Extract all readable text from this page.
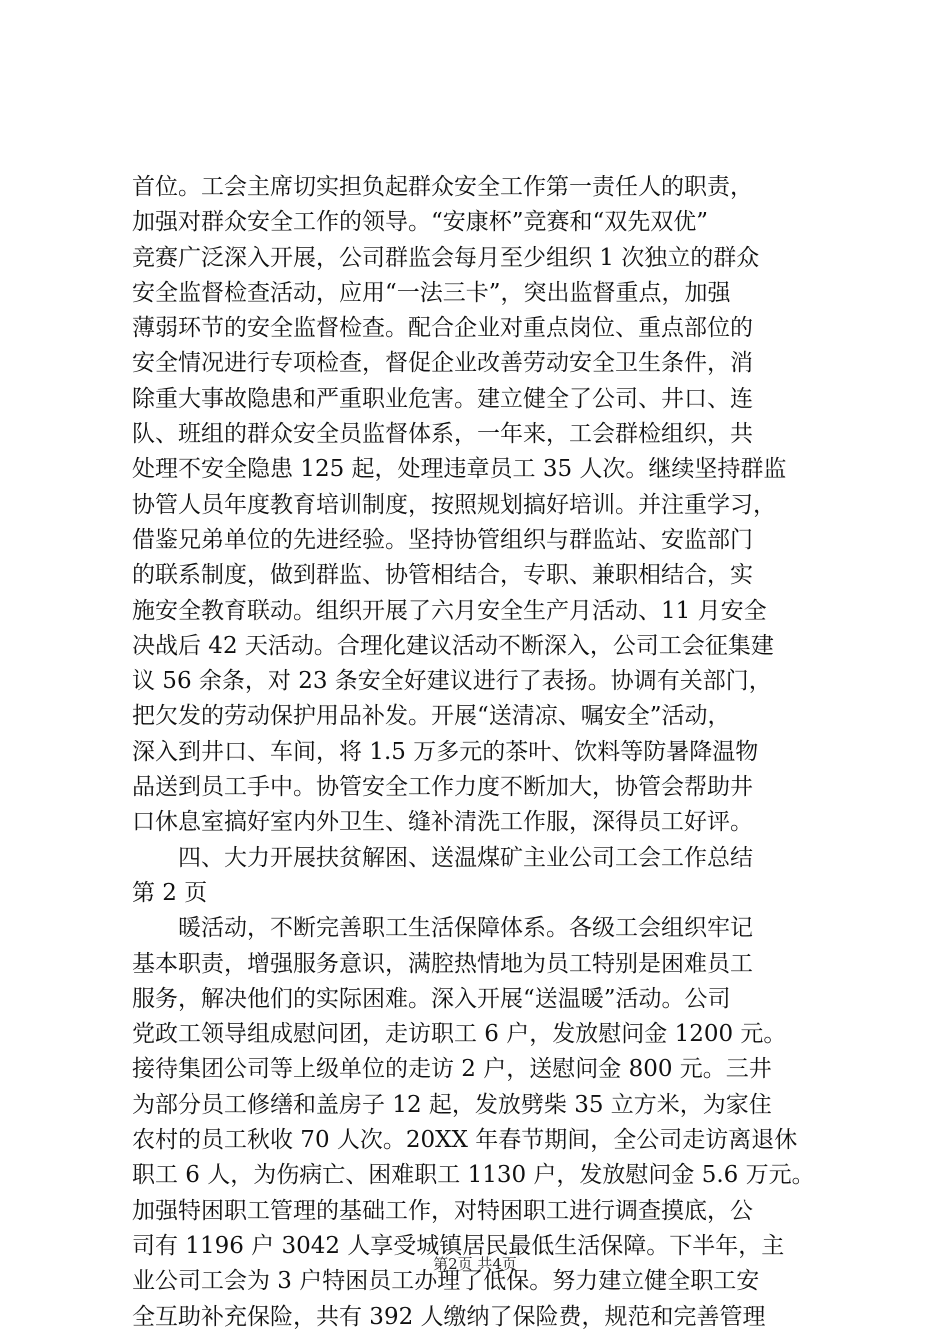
首位。工会主席切实担负起群众安全工作第一责任人的职责，
加强对群众安全工作的领导。“安康杯”竞赛和“双先双优”
竞赛广泛深入开展，公司群监会每月至少组织 1 次独立的群众
安全监督检查活动，应用“一法三卡”，突出监督重点，加强
薄弱环节的安全监督检查。配合企业对重点岗位、重点部位的
安全情况进行专项检查，督促企业改善劳动安全卫生条件，消
除重大事故隐患和严重职业危害。建立健全了公司、井口、连
队、班组的群众安全员监督体系，一年来，工会群检组织，共
处理不安全隐患 125 起，处理违章员工 35 人次。继续坚持群监
协管人员年度教育培训制度，按照规划搞好培训。并注重学习，
借鉴兄弟单位的先进经验。坚持协管组织与群监站、安监部门
的联系制度，做到群监、协管相结合，专职、兼职相结合，实
施安全教育联动。组织开展了六月安全生产月活动、11 月安全
决战后 42 天活动。合理化建议活动不断深入，公司工会征集建
议 56 余条，对 23 条安全好建议进行了表扬。协调有关部门，
把欠发的劳动保护用品补发。开展“送清凉、嘱安全”活动，
深入到井口、车间，将 1.5 万多元的茶叶、饮料等防暑降温物
品送到员工手中。协管安全工作力度不断加大，协管会帮助井
口休息室搞好室内外卫生、缝补清洗工作服，深得员工好评。
　　四、大力开展扶贫解困、送温煤矿主业公司工会工作总结
第 2 页
　　暖活动，不断完善职工生活保障体系。各级工会组织牢记
基本职责，增强服务意识，满腔热情地为员工特别是困难员工
服务，解决他们的实际困难。深入开展“送温暖”活动。公司
党政工领导组成慰问团，走访职工 6 户，发放慰问金 1200 元。
接待集团公司等上级单位的走访 2 户，送慰问金 800 元。三井
为部分员工修缮和盖房子 12 起，发放劈柴 35 立方米，为家住
农村的员工秋收 70 人次。20XX 年春节期间，全公司走访离退休
职工 6 人，为伤病亡、困难职工 1130 户，发放慰问金 5.6 万元。
加强特困职工管理的基础工作，对特困职工进行调查摸底，公
司有 1196 户 3042 人享受城镇居民最低生活保障。下半年，主
业公司工会为 3 户特困员工办理了低保。努力建立健全职工安
全互助补充保险，共有 392 人缴纳了保险费，规范和完善管理
第2页 共4页
